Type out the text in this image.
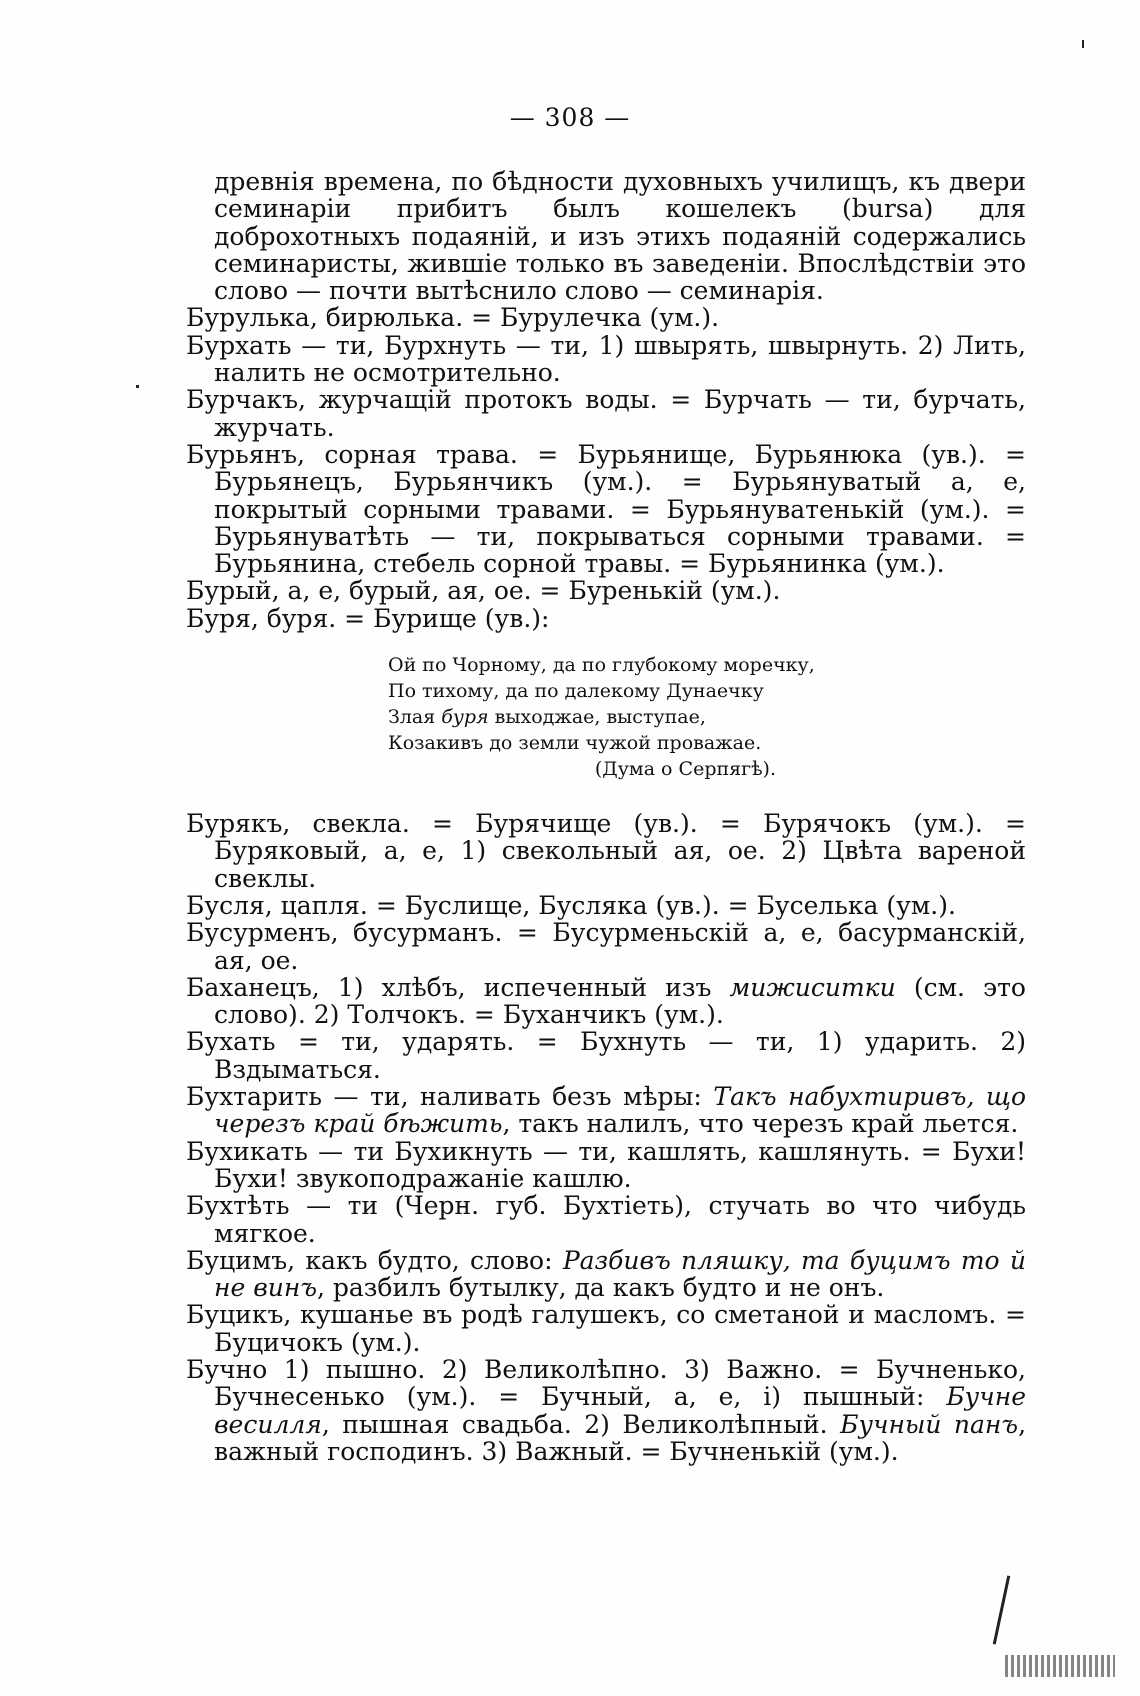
— 308 —

древнія времена, по бѣдности духовныхъ училищъ, къ двери семинаріи прибитъ былъ кошелекъ (bursa) для доброхотныхъ подаяній, и изъ этихъ подаяній содержались семинаристы, жившіе только въ заведеніи. Впослѣдствіи это слово — почти вытѣснило слово — семинарія.

Бурулька, бирюлька. = Бурулечка (ум.).

Бурхать — ти, Бурхнуть — ти, 1) швырять, швырнуть. 2) Лить, налить не осмотрительно.

Бурчакъ, журчащій протокъ воды. = Бурчать — ти, бурчать, журчать.

Бурьянъ, сорная трава. = Бурьянище, Бурьянюка (ув.). = Бурьянецъ, Бурьянчикъ (ум.). = Бурьянуватый а, е, покрытый сорными травами. = Бурьянуватенькій (ум.). = Бурьянуватѣть — ти, покрываться сорными травами. = Бурьянина, стебель сорной травы. = Бурьянинка (ум.).

Бурый, а, е, бурый, ая, ое. = Буренькій (ум.).

Буря, буря. = Бурище (ув.):

Ой по Чорному, да по глубокому моречку,
По тихому, да по далекому Дунаечку
Злая буря выходжае, выступае,
Козакивъ до земли чужой проважае.
(Дума о Серпягѣ).

Бурякъ, свекла. = Бурячище (ув.). = Бурячокъ (ум.). = Буряковый, а, е, 1) свекольный ая, ое. 2) Цвѣта вареной свеклы.

Бусля, цапля. = Буслище, Бусляка (ув.). = Буселька (ум.).

Бусурменъ, бусурманъ. = Бусурменьскій а, е, басурманскій, ая, ое.

Баханецъ, 1) хлѣбъ, испеченный изъ мижиситки (см. это слово). 2) Толчокъ. = Буханчикъ (ум.).

Бухать = ти, ударять. = Бухнуть — ти, 1) ударить. 2) Вздыматься.

Бухтарить — ти, наливать безъ мѣры: Такъ набухтиривъ, що черезъ край бѣжить, такъ налилъ, что черезъ край льется.

Бухикать — ти Бухикнуть — ти, кашлять, кашлянуть. = Бухи! Бухи! звукоподражаніе кашлю.

Бухтѣть — ти (Черн. губ. Бухтіеть), стучать во что чибудь мягкое.

Буцимъ, какъ будто, слово: Разбивъ пляшку, та буцимъ то й не винъ, разбилъ бутылку, да какъ будто и не онъ.

Буцикъ, кушанье въ родѣ галушекъ, со сметаной и масломъ. = Буцичокъ (ум.).

Бучно 1) пышно. 2) Великолѣпно. 3) Важно. = Бучненько, Бучнесенько (ум.). = Бучный, а, е, і) пышный: Бучне весилля, пышная свадьба. 2) Великолѣпный. Бучный панъ, важный господинъ. 3) Важный. = Бучненькій (ум.).
